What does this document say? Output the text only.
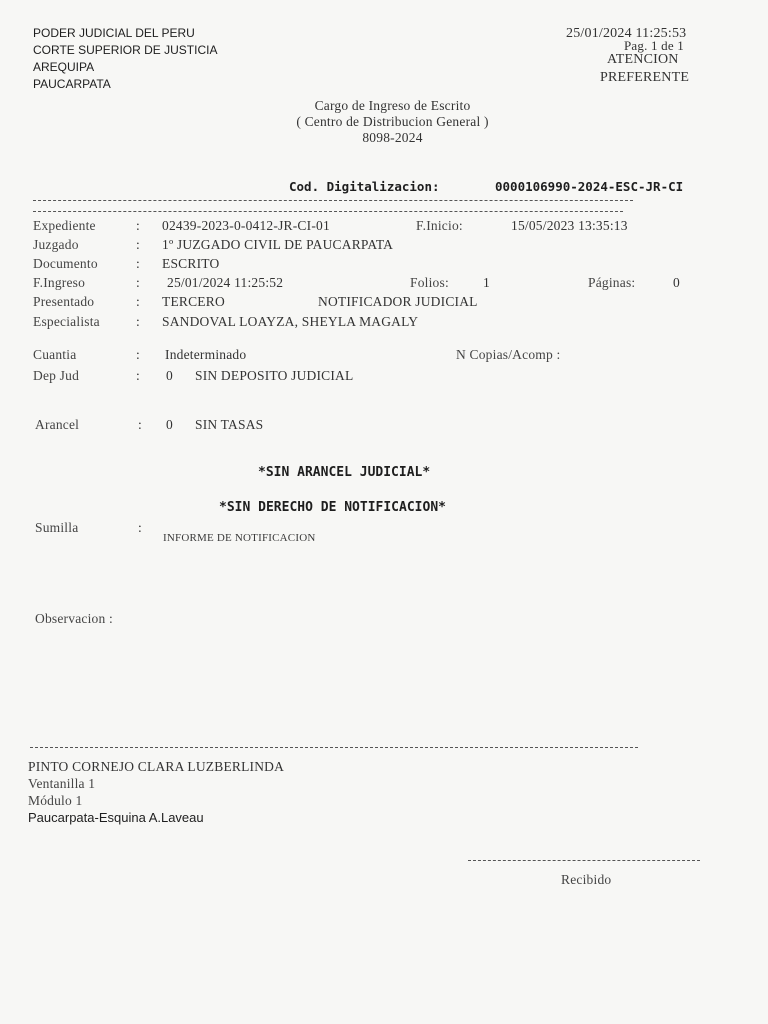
PODER JUDICIAL DEL PERU
CORTE SUPERIOR DE JUSTICIA
AREQUIPA
PAUCARPATA
25/01/2024 11:25:53
Pag. 1 de 1
ATENCION
PREFERENTE
Cargo de Ingreso de Escrito
( Centro de Distribucion General )
8098-2024
Cod. Digitalizacion:	0000106990-2024-ESC-JR-CI
Expediente	: 02439-2023-0-0412-JR-CI-01	F.Inicio:	15/05/2023 13:35:13
Juzgado	: 1º JUZGADO CIVIL DE PAUCARPATA
Documento	: ESCRITO
F.Ingreso	: 25/01/2024 11:25:52	Folios:	1	Páginas:	0
Presentado	: TERCERO	NOTIFICADOR JUDICIAL
Especialista	: SANDOVAL LOAYZA, SHEYLA MAGALY
Cuantia	: Indeterminado	N Copias/Acomp :
Dep Jud	: 0 SIN DEPOSITO JUDICIAL
Arancel	: 0 SIN TASAS
*SIN ARANCEL JUDICIAL*
*SIN DERECHO DE NOTIFICACION*
Sumilla	:
INFORME DE NOTIFICACION
Observacion :
PINTO CORNEJO CLARA LUZBERLINDA
Ventanilla 1
Módulo 1
Paucarpata-Esquina A.Laveau
Recibido
